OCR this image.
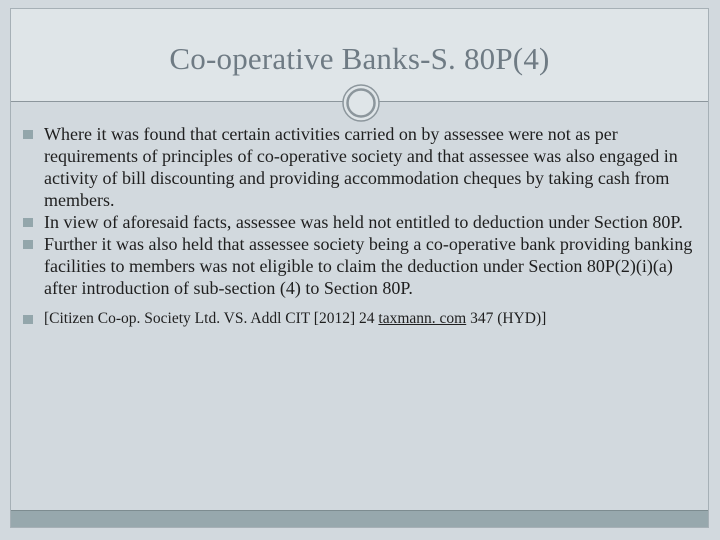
Co-operative Banks-S. 80P(4)
Where it was found that certain activities carried on by assessee were not as per requirements of principles of co-operative society and that assessee was also engaged in activity of bill discounting and providing accommodation cheques by taking cash from members.
In view of aforesaid facts, assessee was held not entitled to deduction under Section 80P.
Further it was also held that assessee society being a co-operative bank providing banking facilities to members was not eligible to claim the deduction under Section 80P(2)(i)(a) after introduction of sub-section (4) to Section 80P.
[Citizen Co-op. Society Ltd. VS. Addl CIT [2012] 24 taxmann. com 347 (HYD)]
